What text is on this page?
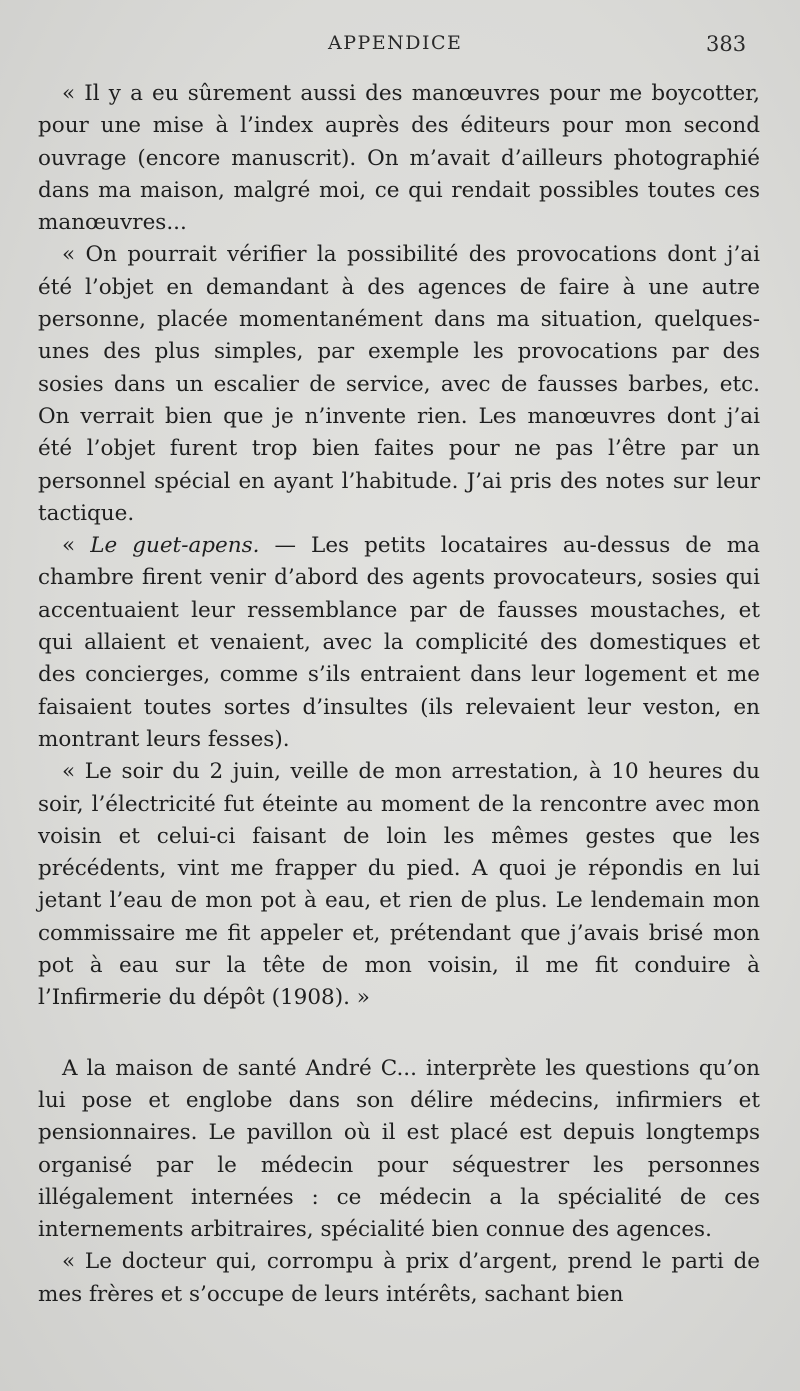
APPENDICE	383

« Il y a eu sûrement aussi des manœuvres pour me boycotter, pour une mise à l’index auprès des éditeurs pour mon second ouvrage (encore manuscrit). On m’avait d’ailleurs photographié dans ma maison, malgré moi, ce qui rendait possibles toutes ces manœuvres...

« On pourrait vérifier la possibilité des provocations dont j’ai été l’objet en demandant à des agences de faire à une autre personne, placée momentanément dans ma situation, quelques-unes des plus simples, par exemple les provocations par des sosies dans un escalier de service, avec de fausses barbes, etc. On verrait bien que je n’invente rien. Les manœuvres dont j’ai été l’objet furent trop bien faites pour ne pas l’être par un personnel spécial en ayant l’habitude. J’ai pris des notes sur leur tactique.

« Le guet-apens. — Les petits locataires au-dessus de ma chambre firent venir d’abord des agents provocateurs, sosies qui accentuaient leur ressemblance par de fausses moustaches, et qui allaient et venaient, avec la complicité des domestiques et des concierges, comme s’ils entraient dans leur logement et me faisaient toutes sortes d’insultes (ils relevaient leur veston, en montrant leurs fesses).

« Le soir du 2 juin, veille de mon arrestation, à 10 heures du soir, l’électricité fut éteinte au moment de la rencontre avec mon voisin et celui-ci faisant de loin les mêmes gestes que les précédents, vint me frapper du pied. A quoi je répondis en lui jetant l’eau de mon pot à eau, et rien de plus. Le lendemain mon commissaire me fit appeler et, prétendant que j’avais brisé mon pot à eau sur la tête de mon voisin, il me fit conduire à l’Infirmerie du dépôt (1908). »

A la maison de santé André C... interprète les questions qu’on lui pose et englobe dans son délire médecins, infirmiers et pensionnaires. Le pavillon où il est placé est depuis longtemps organisé par le médecin pour séquestrer les personnes illégalement internées : ce médecin a la spécialité de ces internements arbitraires, spécialité bien connue des agences.

« Le docteur qui, corrompu à prix d’argent, prend le parti de mes frères et s’occupe de leurs intérêts, sachant bien
